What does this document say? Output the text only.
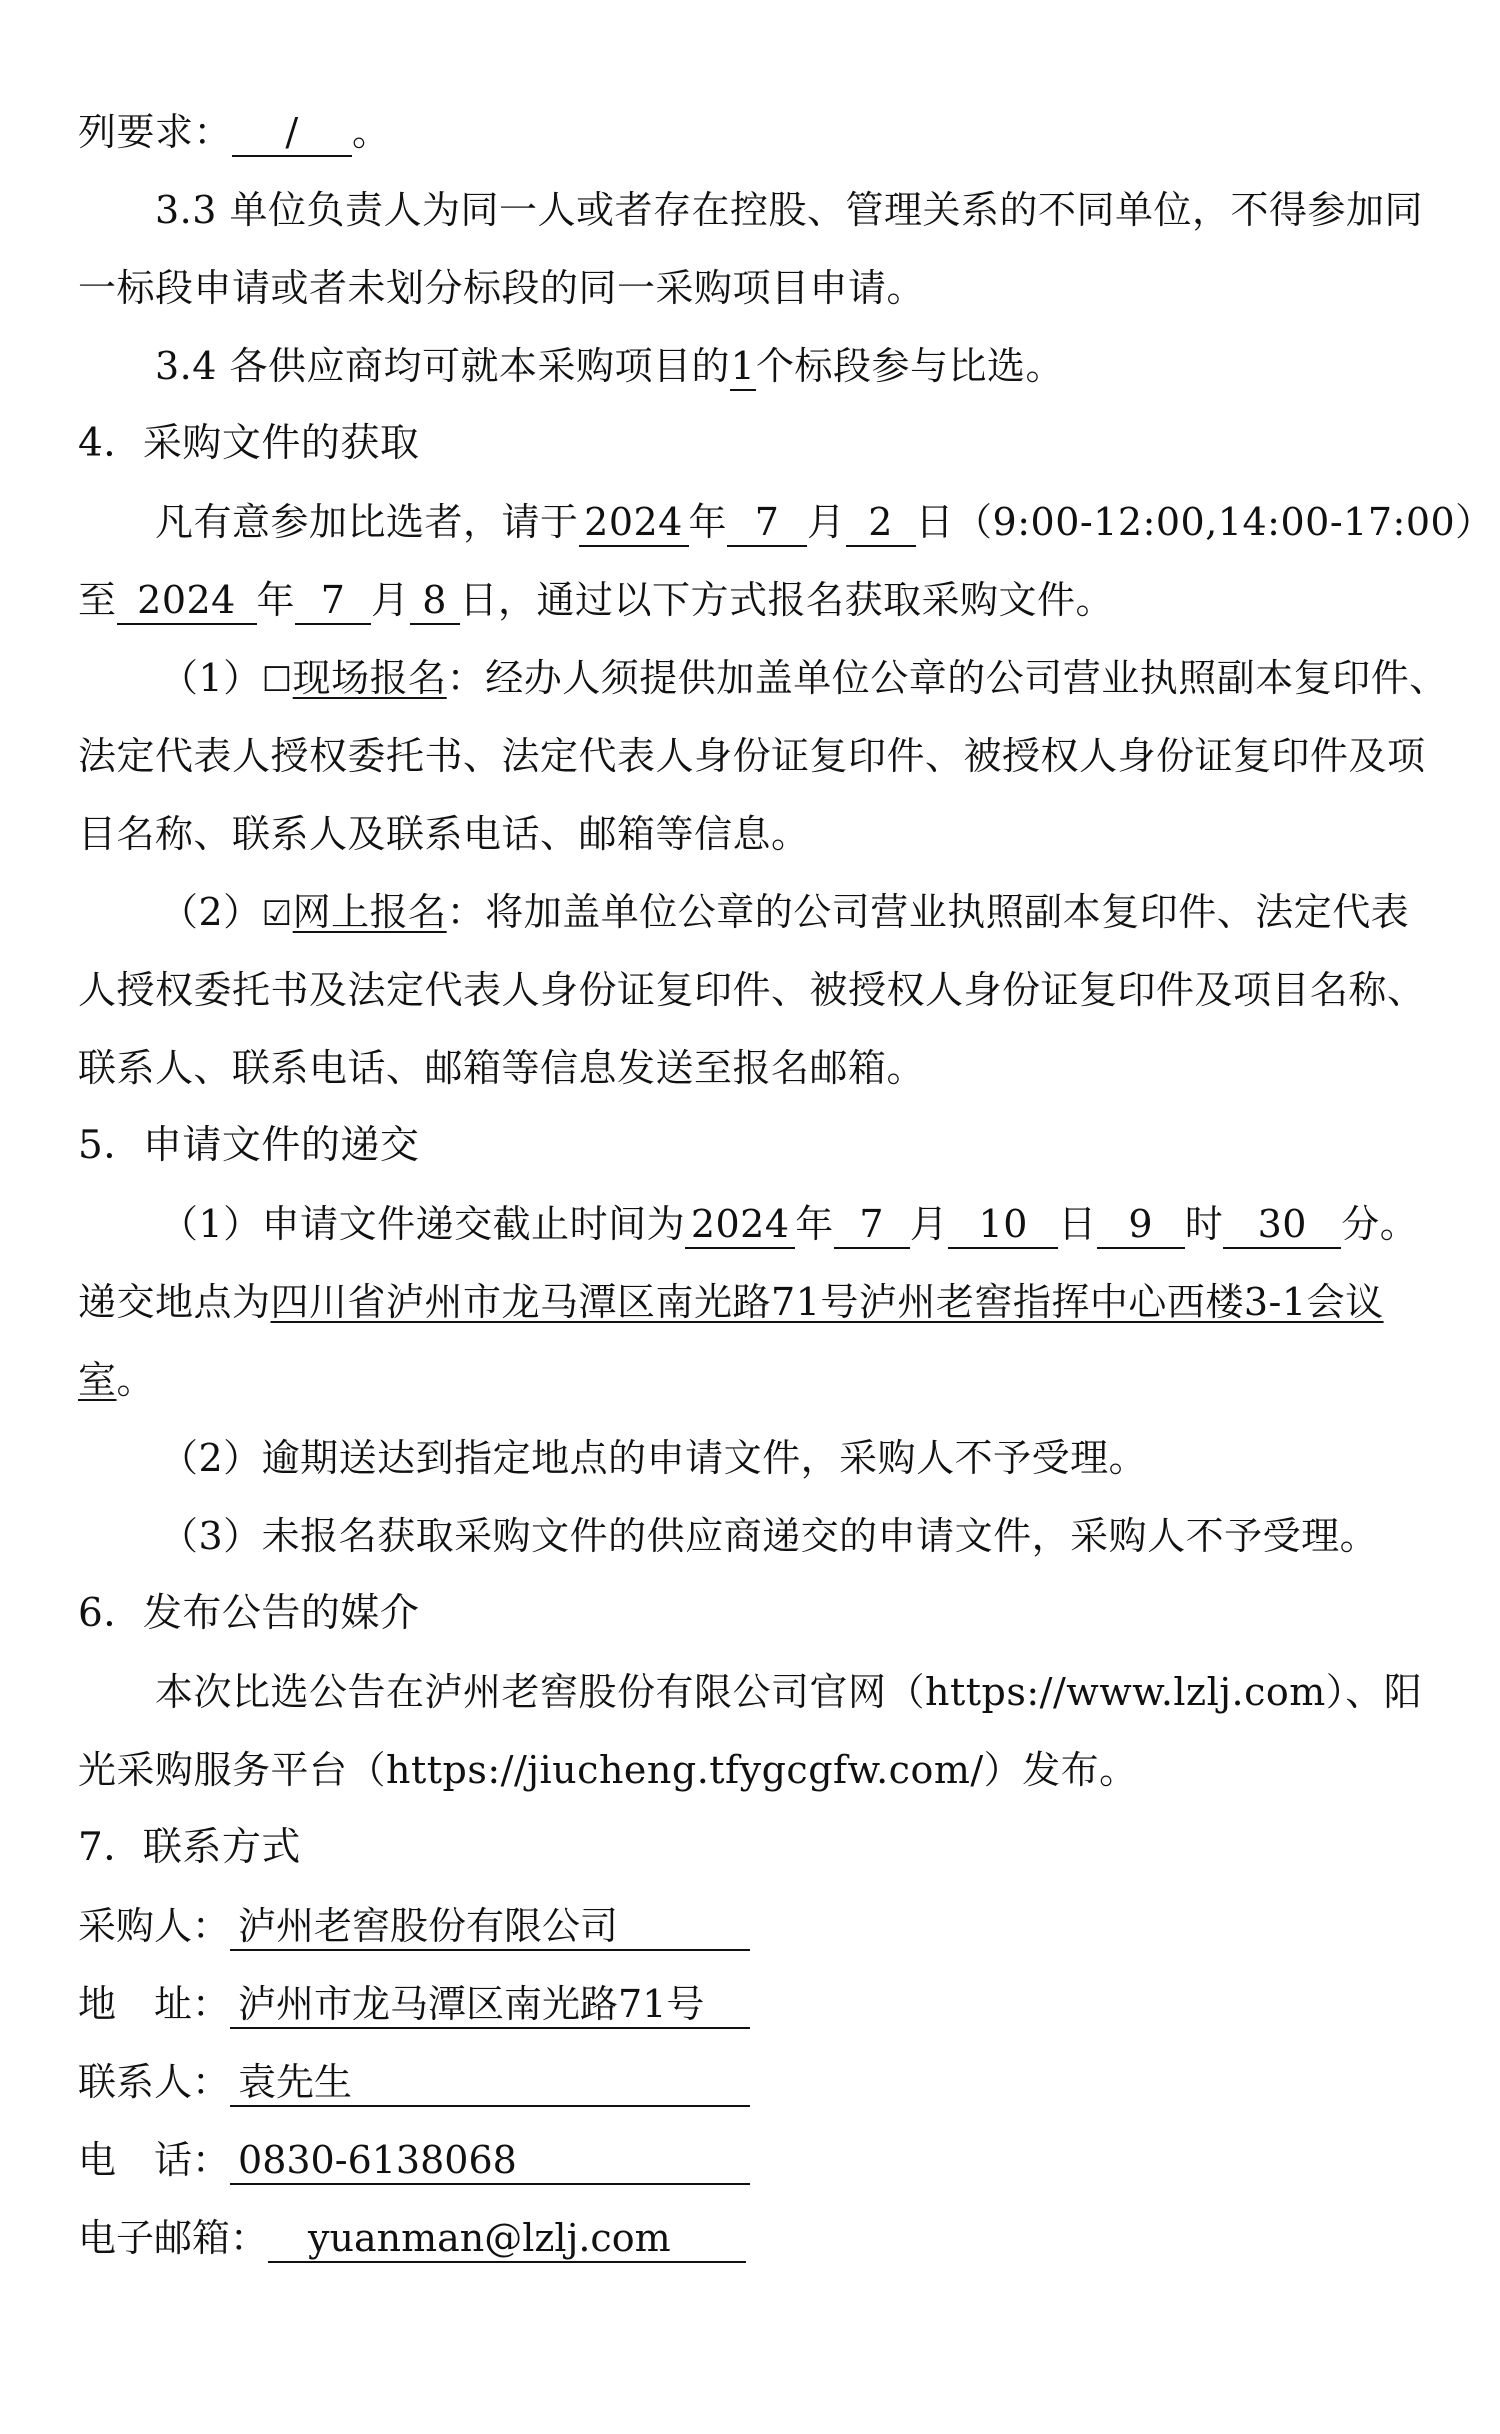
列要求： / 。
3.3 单位负责人为同一人或者存在控股、管理关系的不同单位，不得参加同
一标段申请或者未划分标段的同一采购项目申请。
3.4 各供应商均可就本采购项目的1个标段参与比选。
4．采购文件的获取
凡有意参加比选者，请于 2024 年 7 月 2 日（9:00-12:00,14:00-17:00）
至 2024 年 7 月 8 日，通过以下方式报名获取采购文件。
（1）☐现场报名：经办人须提供加盖单位公章的公司营业执照副本复印件、
法定代表人授权委托书、法定代表人身份证复印件、被授权人身份证复印件及项
目名称、联系人及联系电话、邮箱等信息。
（2）☑网上报名：将加盖单位公章的公司营业执照副本复印件、法定代表
人授权委托书及法定代表人身份证复印件、被授权人身份证复印件及项目名称、
联系人、联系电话、邮箱等信息发送至报名邮箱。
5．申请文件的递交
（1）申请文件递交截止时间为 2024 年 7 月 10 日 9 时 30 分。
递交地点为四川省泸州市龙马潭区南光路71号泸州老窖指挥中心西楼3-1会议
室。
（2）逾期送达到指定地点的申请文件，采购人不予受理。
（3）未报名获取采购文件的供应商递交的申请文件，采购人不予受理。
6．发布公告的媒介
本次比选公告在泸州老窖股份有限公司官网（https://www.lzlj.com）、阳
光采购服务平台（https://jiucheng.tfygcgfw.com/）发布。
7．联系方式
采购人： 泸州老窖股份有限公司
地　址： 泸州市龙马潭区南光路71号
联系人： 袁先生
电　话： 0830-6138068
电子邮箱： yuanman@lzlj.com
